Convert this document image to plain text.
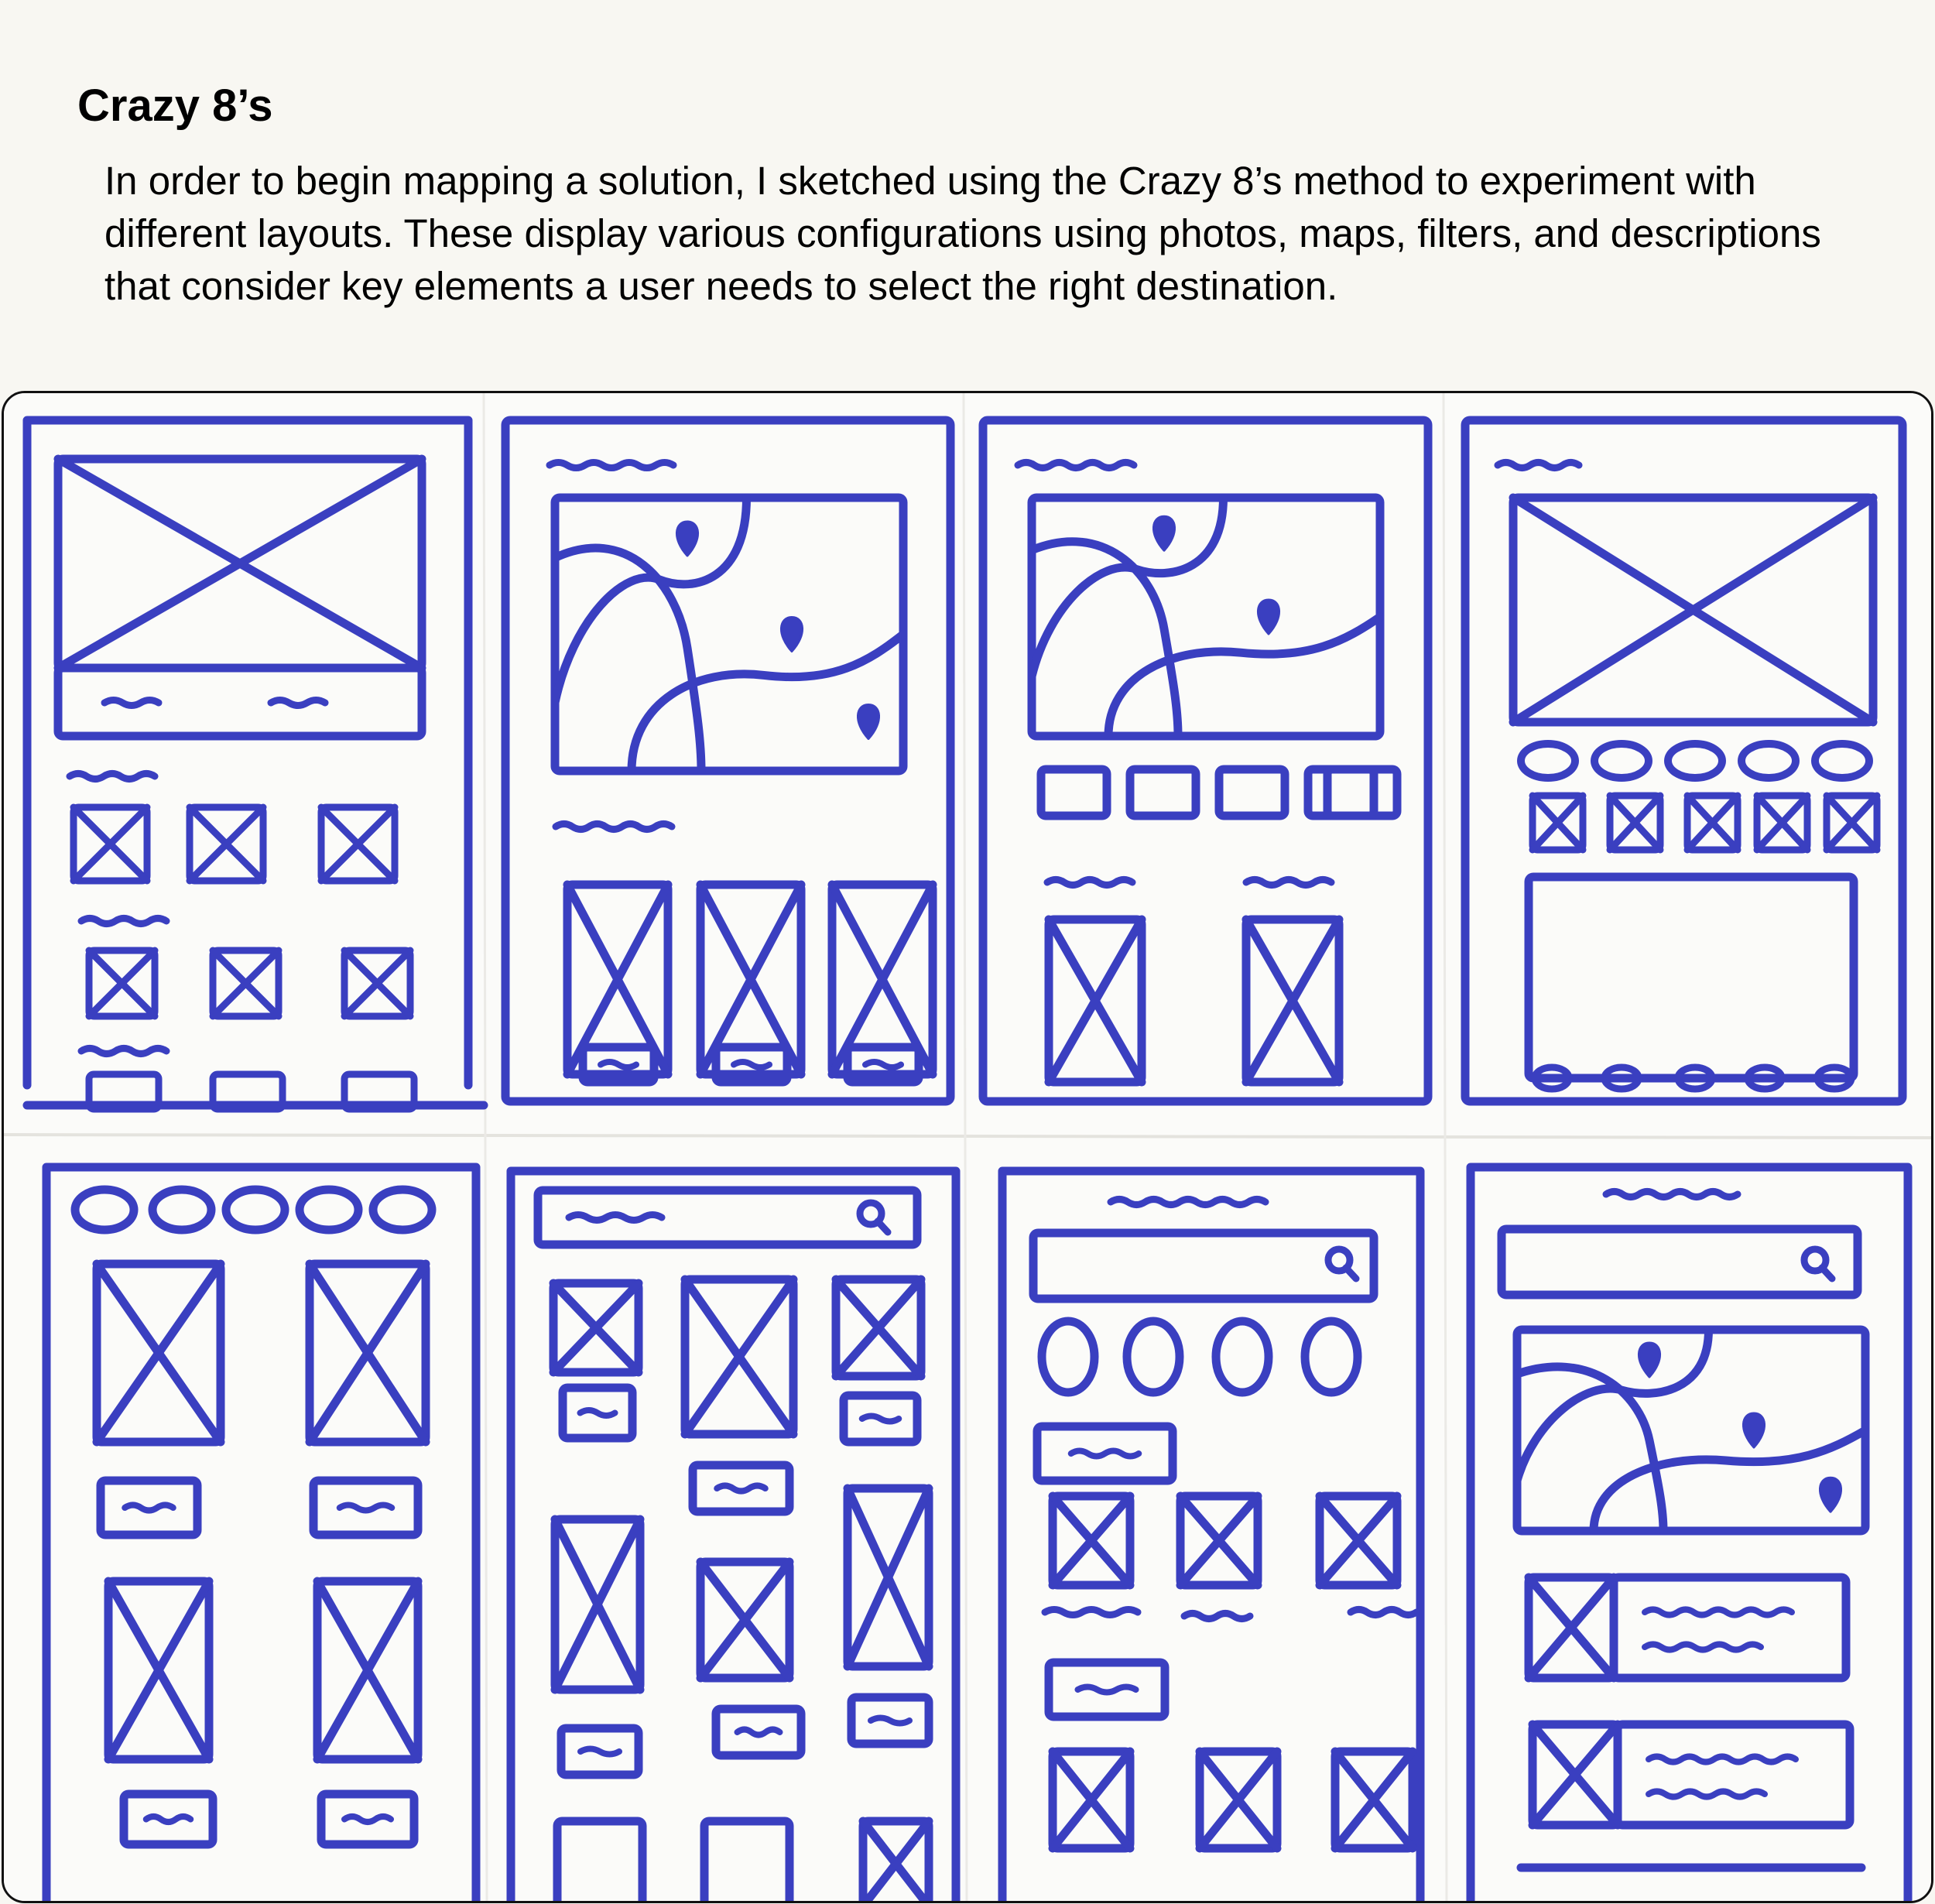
Crazy 8’s

In order to begin mapping a solution, I sketched using the Crazy 8’s method to experiment with different layouts. These display various configurations using photos, maps, filters, and descriptions that consider key elements a user needs to select the right destination.
